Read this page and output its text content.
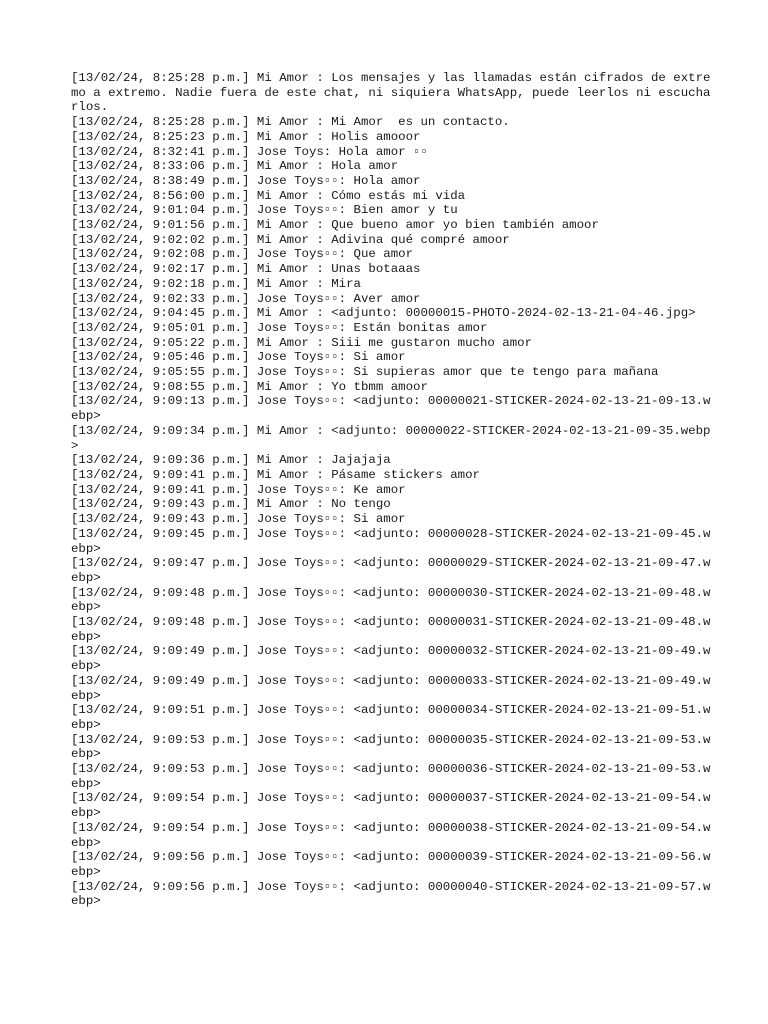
[13/02/24, 8:25:28 p.m.] Mi Amor : Los mensajes y las llamadas están cifrados de extremo a extremo. Nadie fuera de este chat, ni siquiera WhatsApp, puede leerlos ni escucharlos.

[13/02/24, 8:25:28 p.m.] Mi Amor : Mi Amor  es un contacto.

[13/02/24, 8:25:23 p.m.] Mi Amor : Holis amooor

[13/02/24, 8:32:41 p.m.] Jose Toys: Hola amor ▫▫

[13/02/24, 8:33:06 p.m.] Mi Amor : Hola amor

[13/02/24, 8:38:49 p.m.] Jose Toys▫▫: Hola amor

[13/02/24, 8:56:00 p.m.] Mi Amor : Cómo estás mi vida

[13/02/24, 9:01:04 p.m.] Jose Toys▫▫: Bien amor y tu

[13/02/24, 9:01:56 p.m.] Mi Amor : Que bueno amor yo bien también amoor

[13/02/24, 9:02:02 p.m.] Mi Amor : Adivina qué compré amoor

[13/02/24, 9:02:08 p.m.] Jose Toys▫▫: Que amor

[13/02/24, 9:02:17 p.m.] Mi Amor : Unas botaaas

[13/02/24, 9:02:18 p.m.] Mi Amor : Mira

[13/02/24, 9:02:33 p.m.] Jose Toys▫▫: Aver amor

[13/02/24, 9:04:45 p.m.] Mi Amor : <adjunto: 00000015-PHOTO-2024-02-13-21-04-46.jpg>

[13/02/24, 9:05:01 p.m.] Jose Toys▫▫: Están bonitas amor

[13/02/24, 9:05:22 p.m.] Mi Amor : Siii me gustaron mucho amor

[13/02/24, 9:05:46 p.m.] Jose Toys▫▫: Si amor

[13/02/24, 9:05:55 p.m.] Jose Toys▫▫: Si supieras amor que te tengo para mañana

[13/02/24, 9:08:55 p.m.] Mi Amor : Yo tbmm amoor

[13/02/24, 9:09:13 p.m.] Jose Toys▫▫: <adjunto: 00000021-STICKER-2024-02-13-21-09-13.webp>

[13/02/24, 9:09:34 p.m.] Mi Amor : <adjunto: 00000022-STICKER-2024-02-13-21-09-35.webp>

[13/02/24, 9:09:36 p.m.] Mi Amor : Jajajaja

[13/02/24, 9:09:41 p.m.] Mi Amor : Pásame stickers amor

[13/02/24, 9:09:41 p.m.] Jose Toys▫▫: Ke amor

[13/02/24, 9:09:43 p.m.] Mi Amor : No tengo

[13/02/24, 9:09:43 p.m.] Jose Toys▫▫: Si amor

[13/02/24, 9:09:45 p.m.] Jose Toys▫▫: <adjunto: 00000028-STICKER-2024-02-13-21-09-45.webp>

[13/02/24, 9:09:47 p.m.] Jose Toys▫▫: <adjunto: 00000029-STICKER-2024-02-13-21-09-47.webp>

[13/02/24, 9:09:48 p.m.] Jose Toys▫▫: <adjunto: 00000030-STICKER-2024-02-13-21-09-48.webp>

[13/02/24, 9:09:48 p.m.] Jose Toys▫▫: <adjunto: 00000031-STICKER-2024-02-13-21-09-48.webp>

[13/02/24, 9:09:49 p.m.] Jose Toys▫▫: <adjunto: 00000032-STICKER-2024-02-13-21-09-49.webp>

[13/02/24, 9:09:49 p.m.] Jose Toys▫▫: <adjunto: 00000033-STICKER-2024-02-13-21-09-49.webp>

[13/02/24, 9:09:51 p.m.] Jose Toys▫▫: <adjunto: 00000034-STICKER-2024-02-13-21-09-51.webp>

[13/02/24, 9:09:53 p.m.] Jose Toys▫▫: <adjunto: 00000035-STICKER-2024-02-13-21-09-53.webp>

[13/02/24, 9:09:53 p.m.] Jose Toys▫▫: <adjunto: 00000036-STICKER-2024-02-13-21-09-53.webp>

[13/02/24, 9:09:54 p.m.] Jose Toys▫▫: <adjunto: 00000037-STICKER-2024-02-13-21-09-54.webp>

[13/02/24, 9:09:54 p.m.] Jose Toys▫▫: <adjunto: 00000038-STICKER-2024-02-13-21-09-54.webp>

[13/02/24, 9:09:56 p.m.] Jose Toys▫▫: <adjunto: 00000039-STICKER-2024-02-13-21-09-56.webp>

[13/02/24, 9:09:56 p.m.] Jose Toys▫▫: <adjunto: 00000040-STICKER-2024-02-13-21-09-57.webp>
